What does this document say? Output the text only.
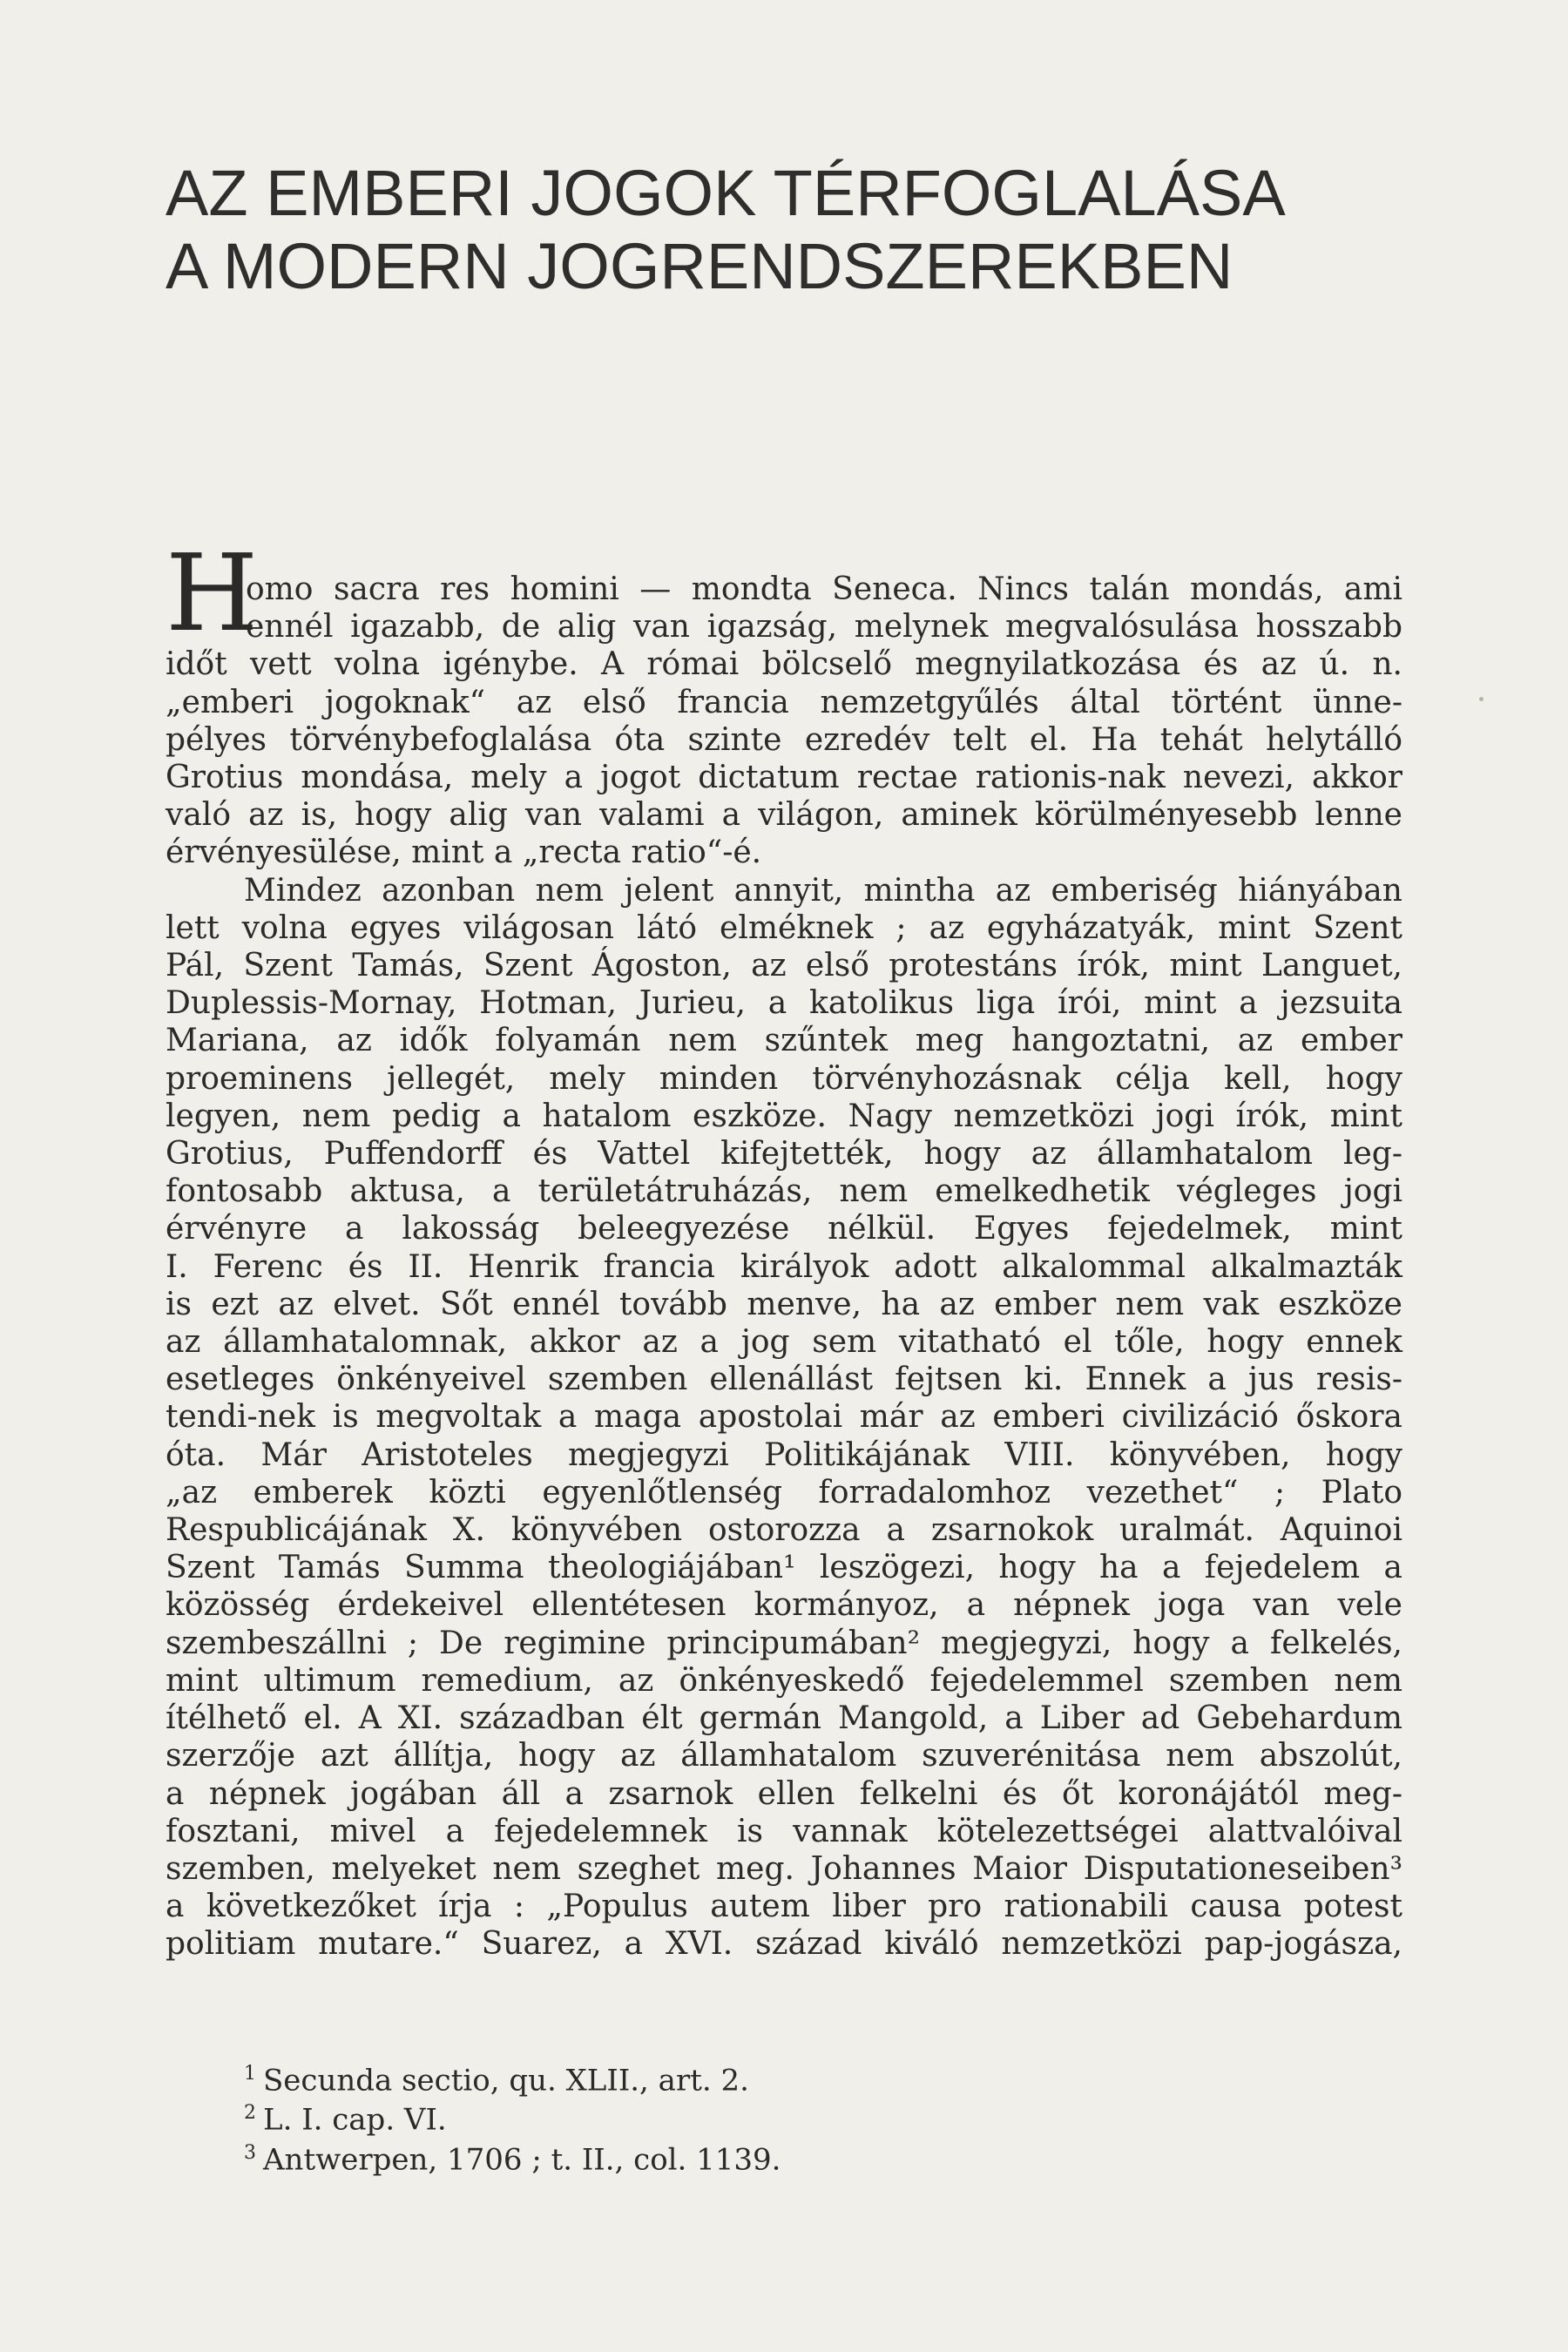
AZ EMBERI JOGOK TÉRFOGLALÁSA
A MODERN JOGRENDSZEREKBEN
H
omo sacra res homini — mondta Seneca. Nincs talán mondás, ami
ennél igazabb, de alig van igazság, melynek megvalósulása hosszabb
időt vett volna igénybe. A római bölcselő megnyilatkozása és az ú. n.
„emberi jogoknak“ az első francia nemzetgyűlés által történt ünne-
pélyes törvénybefoglalása óta szinte ezredév telt el. Ha tehát helytálló
Grotius mondása, mely a jogot dictatum rectae rationis-nak nevezi, akkor
való az is, hogy alig van valami a világon, aminek körülményesebb lenne
érvényesülése, mint a „recta ratio“-é.
Mindez azonban nem jelent annyit, mintha az emberiség hiányában
lett volna egyes világosan látó elméknek ; az egyházatyák, mint Szent
Pál, Szent Tamás, Szent Ágoston, az első protestáns írók, mint Languet,
Duplessis-Mornay, Hotman, Jurieu, a katolikus liga írói, mint a jezsuita
Mariana, az idők folyamán nem szűntek meg hangoztatni, az ember
proeminens jellegét, mely minden törvényhozásnak célja kell, hogy
legyen, nem pedig a hatalom eszköze. Nagy nemzetközi jogi írók, mint
Grotius, Puffendorff és Vattel kifejtették, hogy az államhatalom leg-
fontosabb aktusa, a területátruházás, nem emelkedhetik végleges jogi
érvényre a lakosság beleegyezése nélkül. Egyes fejedelmek, mint
I. Ferenc és II. Henrik francia királyok adott alkalommal alkalmazták
is ezt az elvet. Sőt ennél tovább menve, ha az ember nem vak eszköze
az államhatalomnak, akkor az a jog sem vitatható el tőle, hogy ennek
esetleges önkényeivel szemben ellenállást fejtsen ki. Ennek a jus resis-
tendi-nek is megvoltak a maga apostolai már az emberi civilizáció őskora
óta. Már Aristoteles megjegyzi Politikájának VIII. könyvében, hogy
„az emberek közti egyenlőtlenség forradalomhoz vezethet“ ; Plato
Respublicájának X. könyvében ostorozza a zsarnokok uralmát. Aquinoi
Szent Tamás Summa theologiájában¹ leszögezi, hogy ha a fejedelem a
közösség érdekeivel ellentétesen kormányoz, a népnek joga van vele
szembeszállni ; De regimine principumában² megjegyzi, hogy a felkelés,
mint ultimum remedium, az önkényeskedő fejedelemmel szemben nem
ítélhető el. A XI. században élt germán Mangold, a Liber ad Gebehardum
szerzője azt állítja, hogy az államhatalom szuverénitása nem abszolút,
a népnek jogában áll a zsarnok ellen felkelni és őt koronájától meg-
fosztani, mivel a fejedelemnek is vannak kötelezettségei alattvalóival
szemben, melyeket nem szeghet meg. Johannes Maior Disputationeseiben³
a következőket írja : „Populus autem liber pro rationabili causa potest
politiam mutare.“ Suarez, a XVI. század kiváló nemzetközi pap-jogásza,
$^1$ Secunda sectio, qu. XLII., art. 2.
$^2$ L. I. cap. VI.
$^3$ Antwerpen, 1706 ; t. II., col. 1139.
